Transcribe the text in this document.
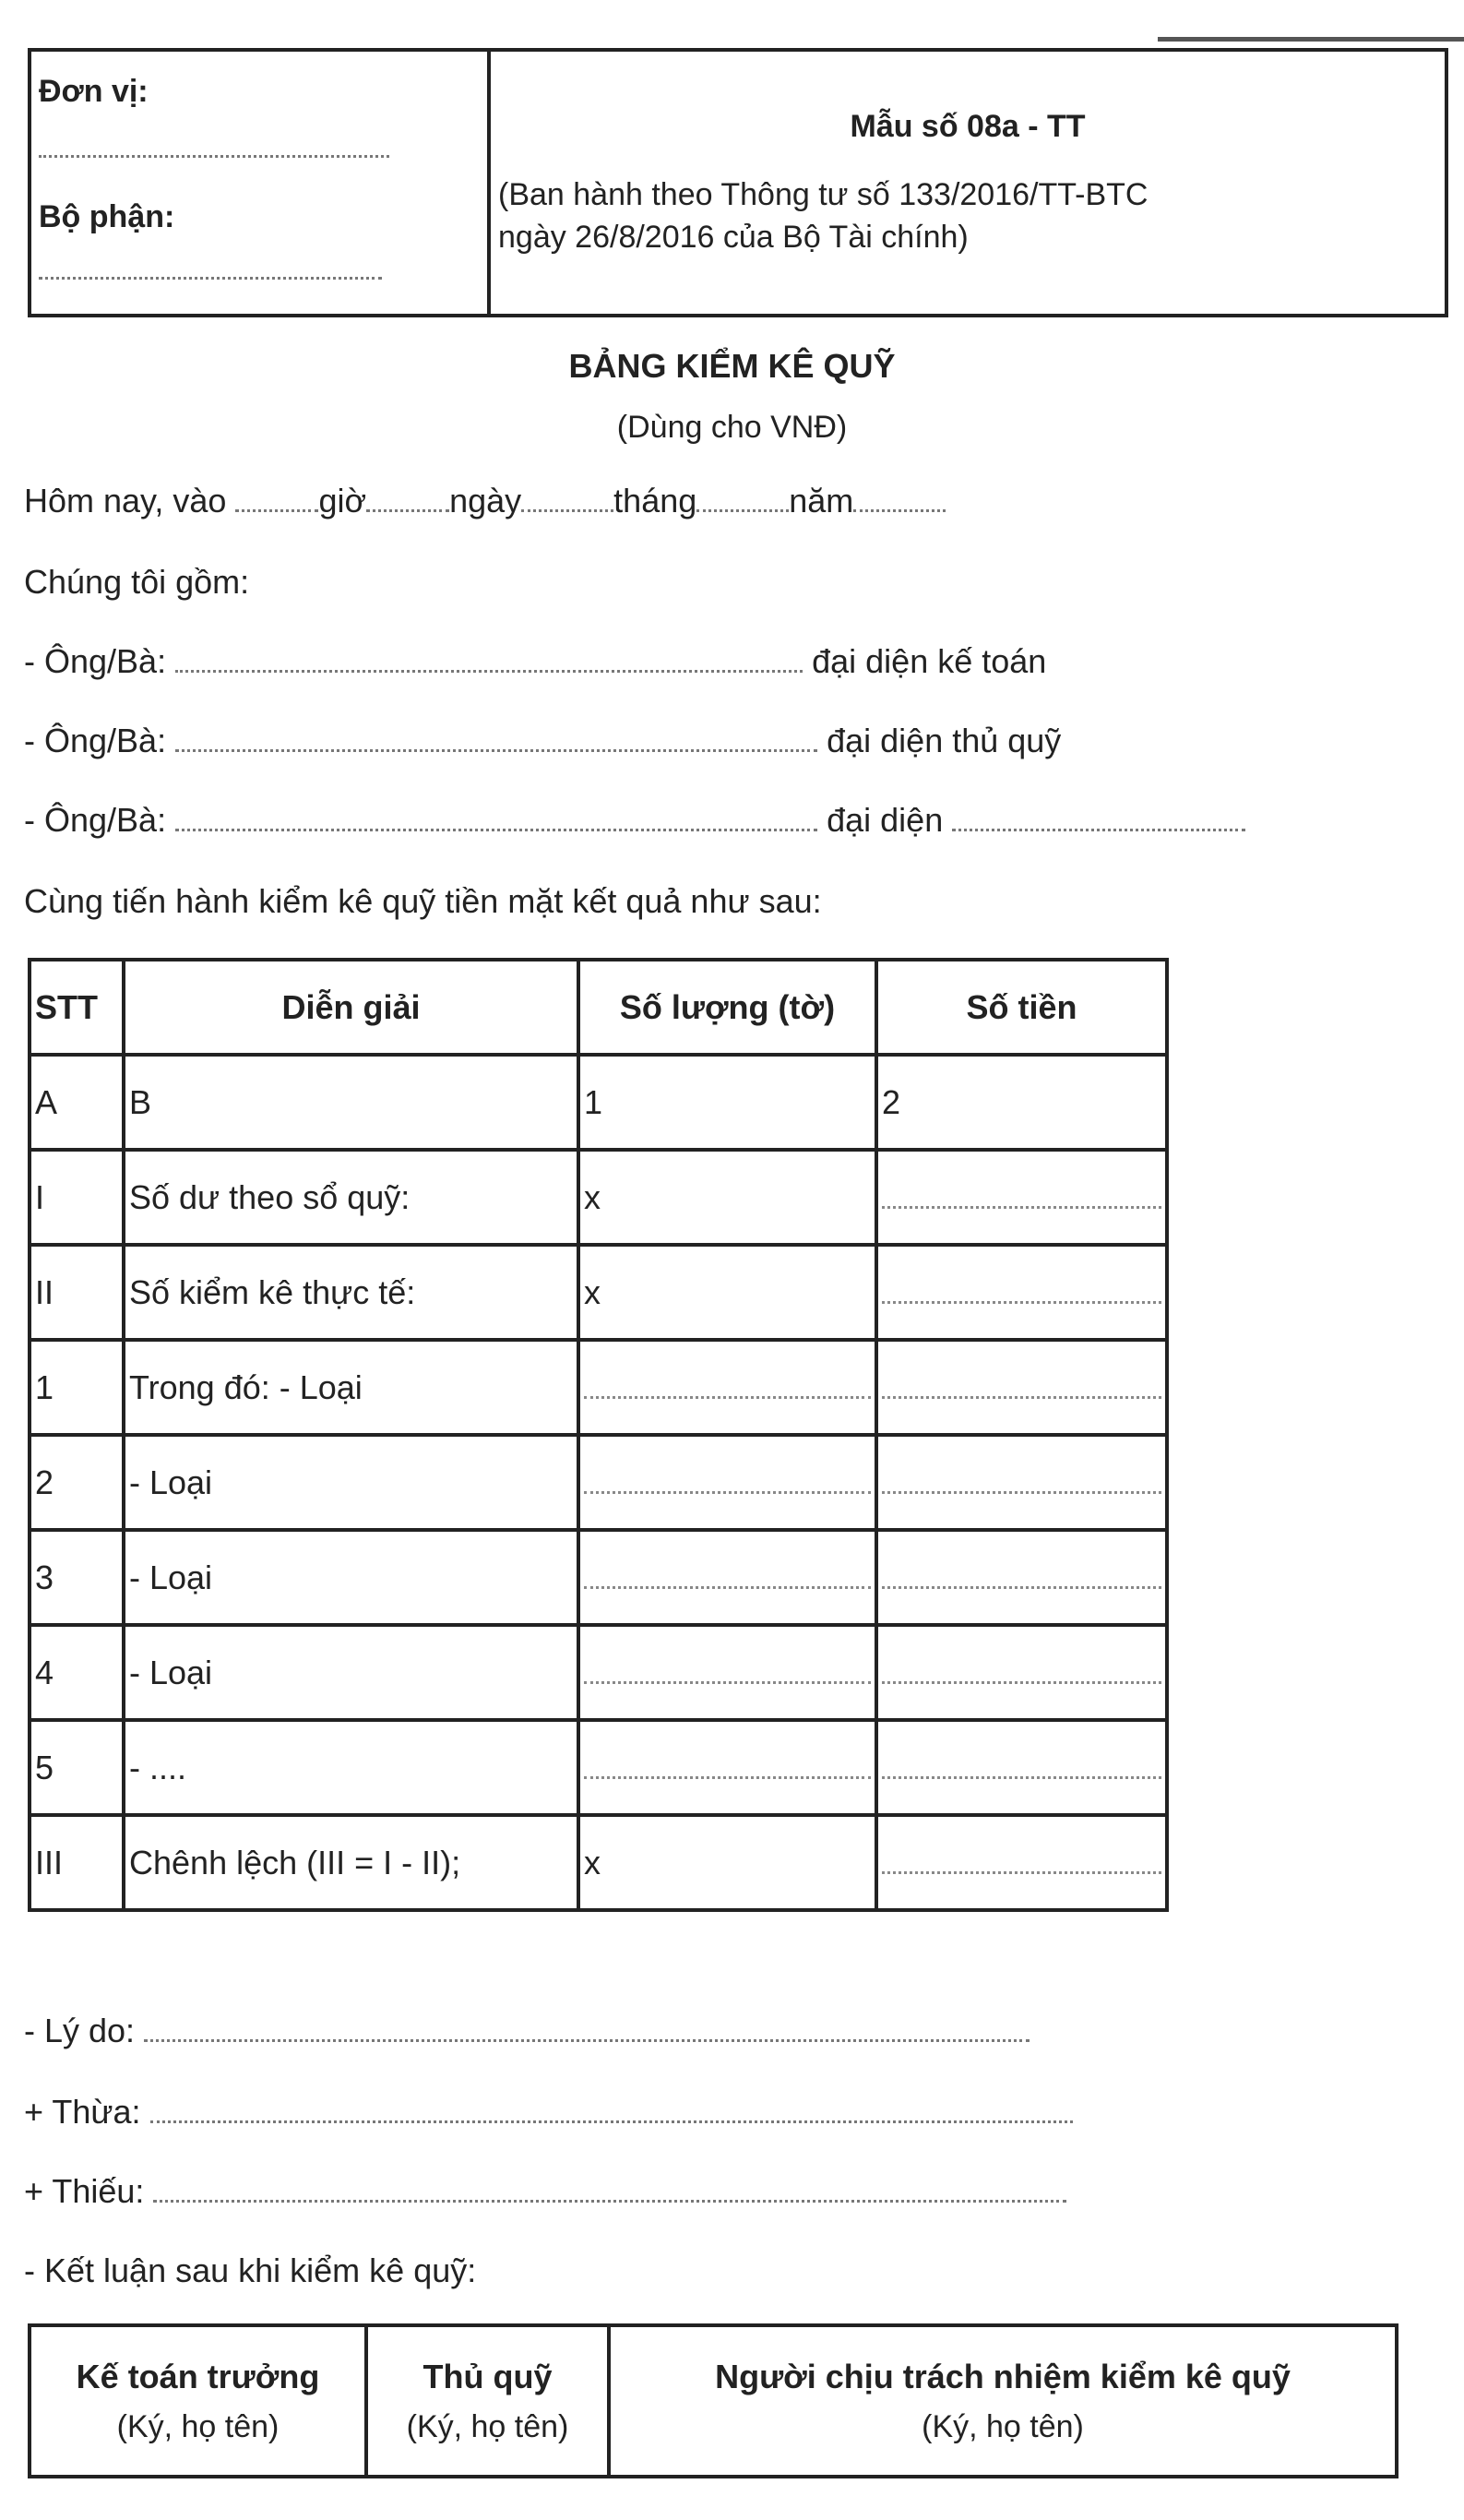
Đơn vị:
Bộ phận:
Mẫu số 08a - TT
(Ban hành theo Thông tư số 133/2016/TT-BTC
ngày 26/8/2016 của Bộ Tài chính)
BẢNG KIỂM KÊ QUỸ
(Dùng cho VNĐ)
Hôm nay, vào	giờ	ngày	tháng	năm
Chúng tôi gồm:
- Ông/Bà:	đại diện kế toán
- Ông/Bà:	đại diện thủ quỹ
- Ông/Bà:	đại diện
Cùng tiến hành kiểm kê quỹ tiền mặt kết quả như sau:
STT	Diễn giải	Số lượng (tờ)	Số tiền
A	B	1	2
I	Số dư theo sổ quỹ:	x	

II	Số kiểm kê thực tế:	x	

1	Trong đó: - Loại	

2	- Loại	

3	- Loại	

4	- Loại	

5	- ....	

III	Chênh lệch (III = I - II);	x	
- Lý do:
+ Thừa:
+ Thiếu:
- Kết luận sau khi kiểm kê quỹ:
Kế toán trưởng
(Ký, họ tên)

Thủ quỹ
(Ký, họ tên)

Người chịu trách nhiệm kiểm kê quỹ
(Ký, họ tên)
